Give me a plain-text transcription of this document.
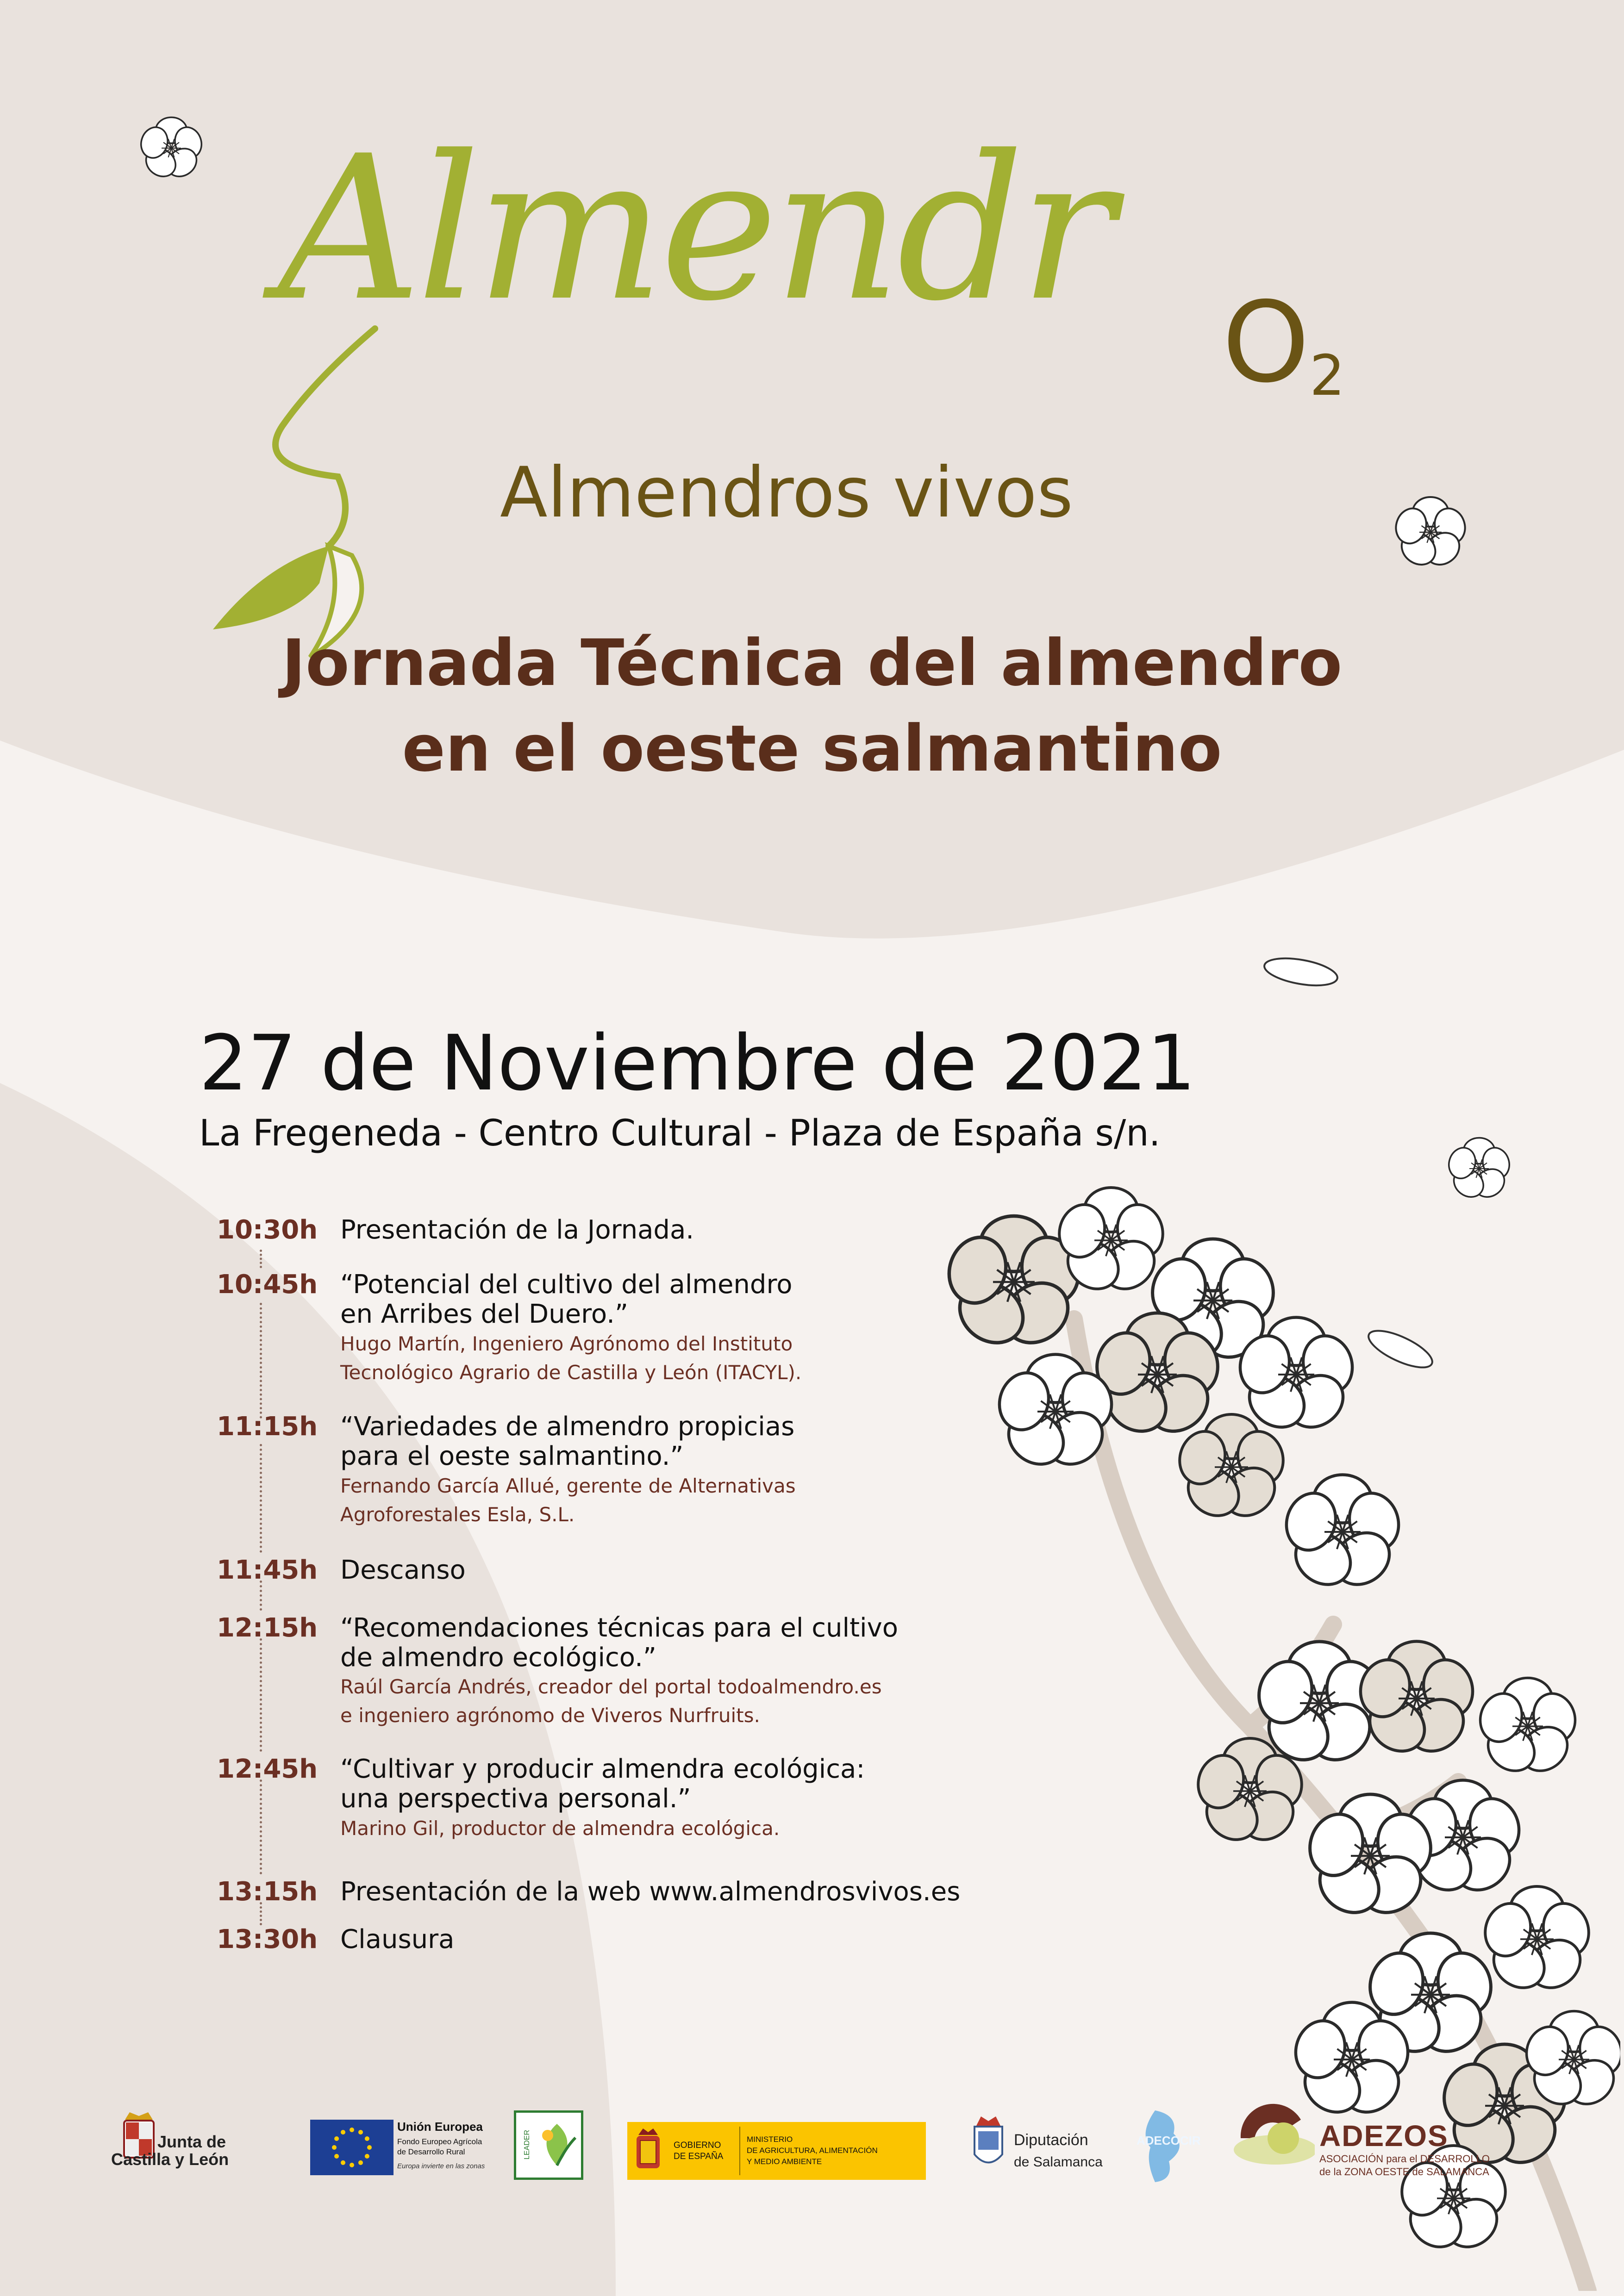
Almendr $O_2$
Almendros vivos
Jornada Técnica del almendro
en el oeste salmantino
27 de Noviembre de 2021
La Fregeneda - Centro Cultural - Plaza de España s/n.
10:30h Presentación de la Jornada.
10:45h “Potencial del cultivo del almendro
en Arribes del Duero.”
Hugo Martín, Ingeniero Agrónomo del Instituto
Tecnológico Agrario de Castilla y León (ITACYL).
11:15h “Variedades de almendro propicias
para el oeste salmantino.”
Fernando García Allué, gerente de Alternativas
Agroforestales Esla, S.L.
11:45h Descanso
12:15h “Recomendaciones técnicas para el cultivo
de almendro ecológico.”
Raúl García Andrés, creador del portal todoalmendro.es
e ingeniero agrónomo de Viveros Nurfruits.
12:45h “Cultivar y producir almendra ecológica:
una perspectiva personal.”
Marino Gil, productor de almendra ecológica.
13:15h Presentación de la web www.almendrosvivos.es
13:30h Clausura
Junta de
Castilla y León
Unión Europea
Fondo Europeo Agrícola
de Desarrollo Rural
Europa invierte en las zonas
LEADER	GOBIERNO
DE ESPAÑA
MINISTERIO
DE AGRICULTURA, ALIMENTACIÓN
Y MEDIO AMBIENTE
Diputación
de Salamanca
ADECOCIR	ADEZOS
ASOCIACIÓN para el DESARROLLO
de la ZONA OESTE de SALAMANCA
